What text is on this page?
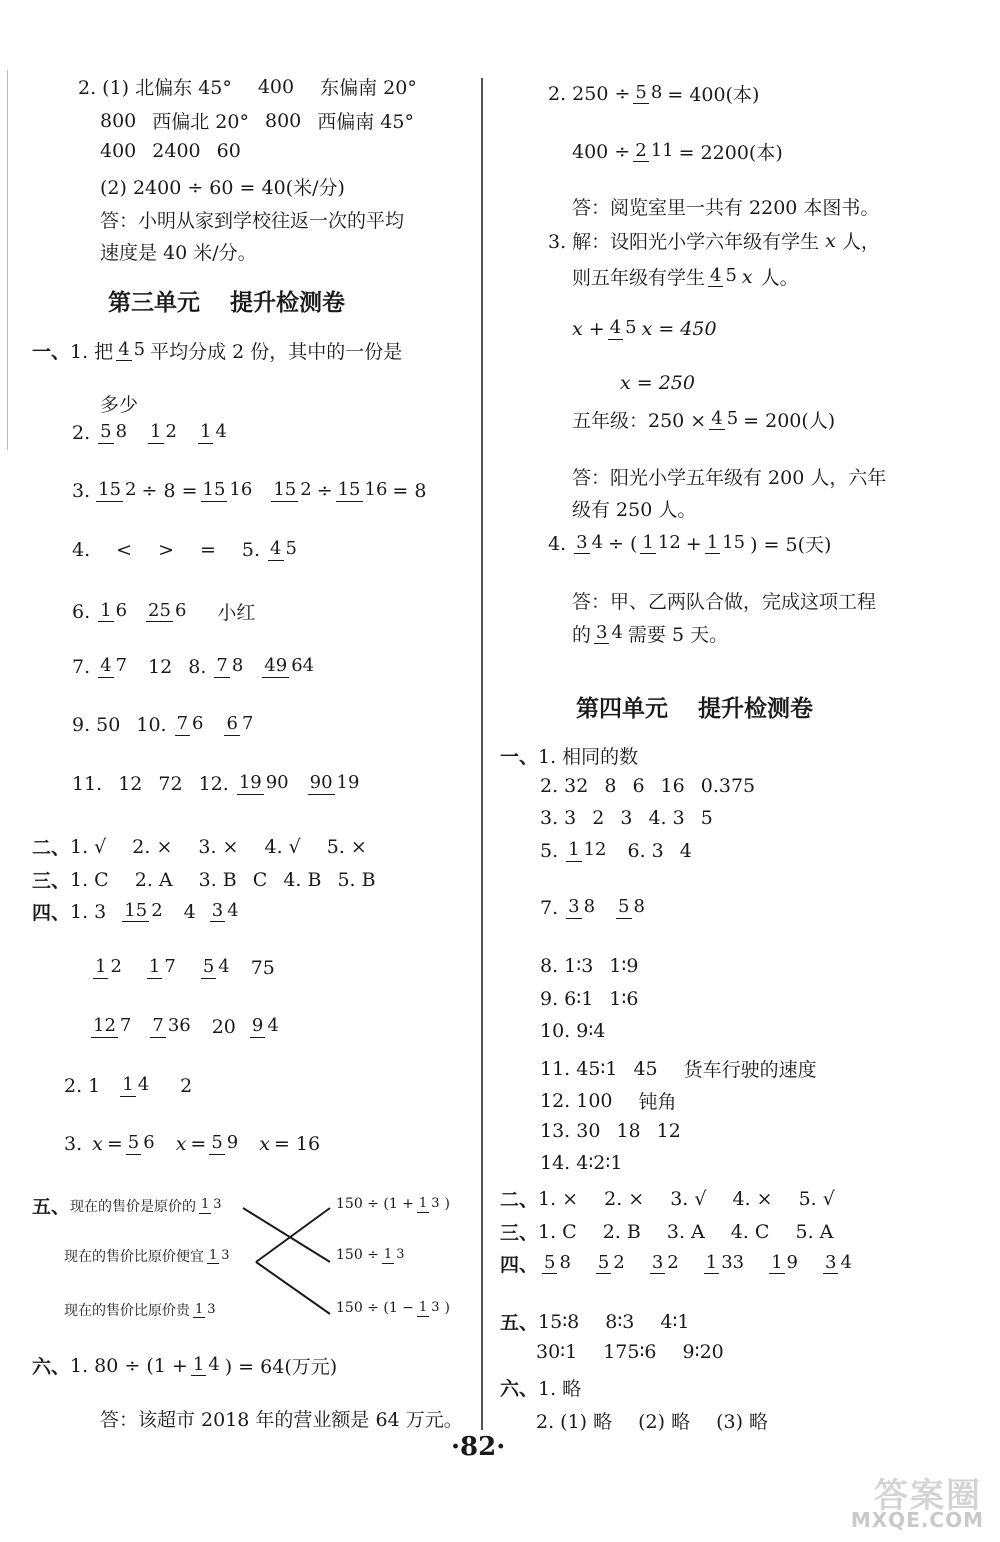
2. (1) 北偏东 45° 400 东偏南 20°
800 西偏北 20° 800 西偏南 45°
400 2400 60
(2) 2400 ÷ 60 = 40(米/分)
答：小明从家到学校往返一次的平均
速度是 40 米/分。
第三单元 提升检测卷
一、 1. 把 4 5 平均分成 2 份，其中的一份是
多少
2. 5 8 1 2 1 4
3. 15 2 ÷ 8 = 15 16 15 2 ÷ 15 16 = 8
4. < > = 5. 4 5
6. 1 6 25 6 小红
7. 4 7 12 8. 7 8 49 64
9. 50 10. 7 6 6 7
11. 12 72 12. 19 90 90 19
二、 1. √ 2. × 3. × 4. √ 5. ×
三、 1. C 2. A 3. B C 4. B 5. B
四、 1. 3 15 2 4 3 4
1 2 1 7 5 4 75
12 7 7 36 20 9 4
2. 1 1 4 2
3. x = 5 6 x = 5 9 x = 16
五、 现在的售价是原价的 1 3
现在的售价比原价便宜 1 3
现在的售价比原价贵 1 3
150 ÷ (1 + 1 3 )
150 ÷ 1 3
150 ÷ (1 − 1 3 )
六、 1. 80 ÷ (1 + 1 4 ) = 64(万元)
答：该超市 2018 年的营业额是 64 万元。
2. 250 ÷ 5 8 = 400(本)
400 ÷ 2 11 = 2200(本)
答：阅览室里一共有 2200 本图书。
3. 解：设阳光小学六年级有学生 x 人，
则五年级有学生 4 5 x 人。
x + 4 5 x = 450
x = 250
五年级：250 × 4 5 = 200(人)
答：阳光小学五年级有 200 人，六年
级有 250 人。
4. 3 4 ÷ ( 1 12 + 1 15 ) = 5(天)
答：甲、乙两队合做，完成这项工程
的 3 4 需要 5 天。
第四单元 提升检测卷
一、 1. 相同的数
2. 32 8 6 16 0.375
3. 3 2 3 4. 3 5
5. 1 12 6. 3 4
7. 3 8 5 8
8. 1∶3 1∶9
9. 6∶1 1∶6
10. 9∶4
11. 45∶1 45 货车行驶的速度
12. 100 钝角
13. 30 18 12
14. 4∶2∶1
二、 1. × 2. × 3. √ 4. × 5. √
三、 1. C 2. B 3. A 4. C 5. A
四、 5 8 5 2 3 2 1 33 1 9 3 4
五、 15∶8 8∶3 4∶1
30∶1 175∶6 9∶20
六、 1. 略
2. (1) 略 (2) 略 (3) 略
·82·
答案圈
MXQE.COM
